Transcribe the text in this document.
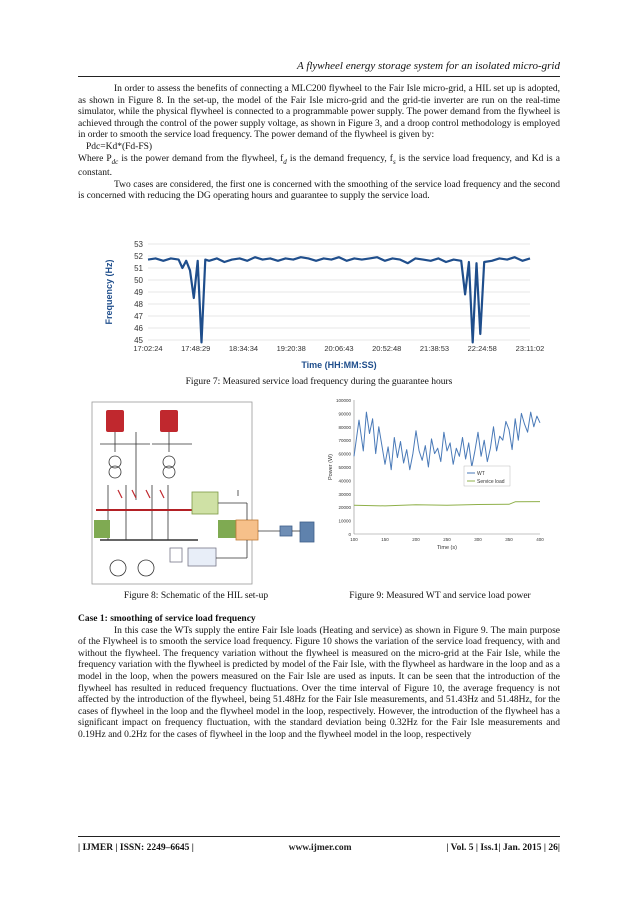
A flywheel energy storage system for an isolated micro-grid

In order to assess the benefits of connecting a MLC200 flywheel to the Fair Isle micro-grid, a HIL set up is adopted, as shown in Figure 8. In the set-up, the model of the Fair Isle micro-grid and the grid-tie inverter are run on the real-time simulator, while the physical flywheel is connected to a programmable power supply. The power demand from the flywheel is achieved through the control of the power supply voltage, as shown in Figure 3, and a droop control methodology is employed in order to smooth the service load frequency. The power demand of the flywheel is given by:

Pdc=Kd*(Fd-FS)

Where $P_{dc}$ is the power demand from the flywheel, $f_d$ is the demand frequency, $f_s$ is the service load frequency, and Kd is a constant.

Two cases are considered, the first one is concerned with the smoothing of the service load frequency and the second is concerned with reducing the DG operating hours and guarantee to supply the service load.

53
52
51
50
49
48
47
46
45
17:02:24 17:48:29 18:34:34 19:20:38 20:06:43 20:52:48 21:38:53 22:24:58	23:11:02
Time (HH:MM:SS)
Frequency (Hz)
Figure 7: Measured service load frequency during the guarantee hours
100000
90000
80000
70000
60000
50000
40000
30000
20000
10000
0
100	150	200	250	300	350	400
WT
Service load
Time (s)
Power (W)
Figure 8: Schematic of the HIL set-up	Figure 9: Measured WT and service load power

Case 1: smoothing of service load frequency

In this case the WTs supply the entire Fair Isle loads (Heating and service) as shown in Figure 9. The main purpose of the Flywheel is to smooth the service load frequency. Figure 10 shows the variation of the service load frequency, with and without the flywheel. The frequency variation without the flywheel is measured on the micro-grid at the Fair Isle, while the frequency variation with the flywheel is predicted by model of the Fair Isle, with the flywheel as hardware in the loop and as a model in the loop, when the powers measured on the Fair Isle are used as inputs. It can be seen that the introduction of the flywheel has resulted in reduced frequency fluctuations. Over the time interval of Figure 10, the average frequency is not affected by the introduction of the flywheel, being 51.48Hz for the Fair Isle measurements, and 51.43Hz and 51.48Hz, for the cases of flywheel in the loop and the flywheel model in the loop, respectively. However, the introduction of the flywheel has a significant impact on frequency fluctuation, with the standard deviation being 0.32Hz for the Fair Isle measurements and 0.19Hz and 0.2Hz for the cases of flywheel in the loop and the flywheel model in the loop, respectively

| IJMER | ISSN: 2249–6645 |	www.ijmer.com	| Vol. 5 | Iss.1| Jan. 2015 | 26|
